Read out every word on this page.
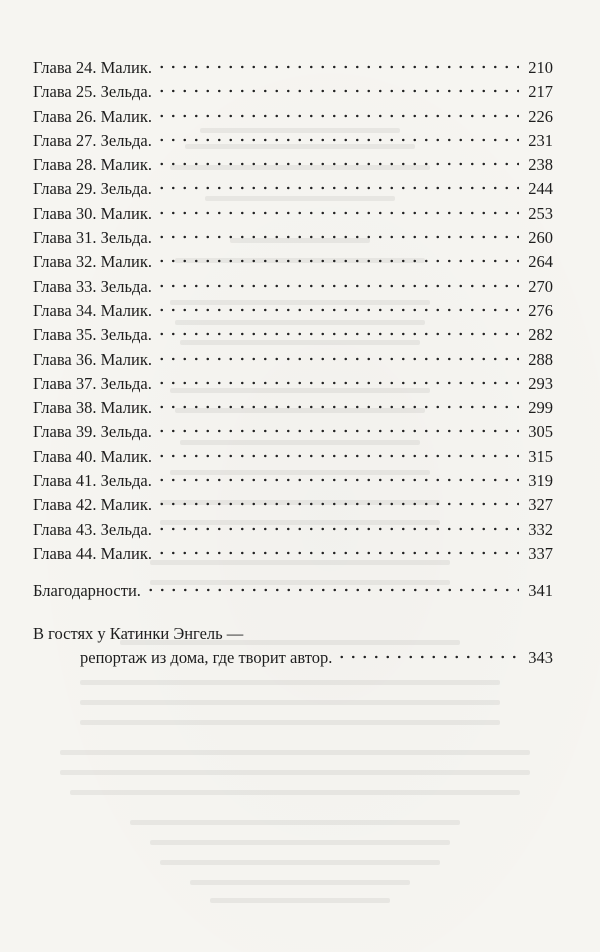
Глава 24. Малик.	210
Глава 25. Зельда.	217
Глава 26. Малик.	226
Глава 27. Зельда.	231
Глава 28. Малик.	238
Глава 29. Зельда.	244
Глава 30. Малик.	253
Глава 31. Зельда.	260
Глава 32. Малик.	264
Глава 33. Зельда.	270
Глава 34. Малик.	276
Глава 35. Зельда.	282
Глава 36. Малик.	288
Глава 37. Зельда.	293
Глава 38. Малик.	299
Глава 39. Зельда.	305
Глава 40. Малик.	315
Глава 41. Зельда.	319
Глава 42. Малик.	327
Глава 43. Зельда.	332
Глава 44. Малик.	337
Благодарности.	341
В гостях у Катинки Энгель —
репортаж из дома, где творит автор.	343
